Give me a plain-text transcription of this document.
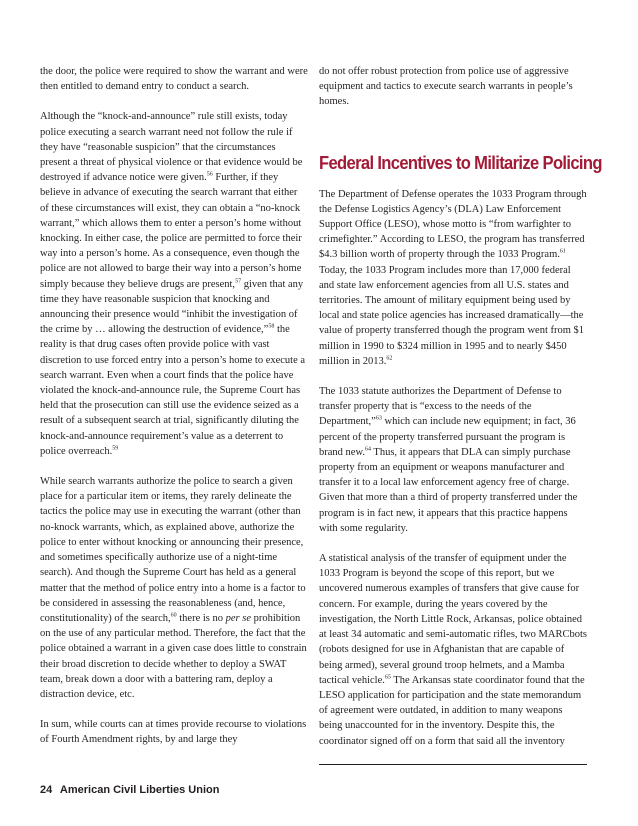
the door, the police were required to show the warrant and were then entitled to demand entry to conduct a search.

Although the “knock-and-announce” rule still exists, today police executing a search warrant need not follow the rule if they have “reasonable suspicion” that the circumstances present a threat of physical violence or that evidence would be destroyed if advance notice were given.$^{56}$ Further, if they believe in advance of executing the search warrant that either of these circumstances will exist, they can obtain a “no-knock warrant,” which allows them to enter a person’s home without knocking. In either case, the police are permitted to force their way into a person’s home. As a consequence, even though the police are not allowed to barge their way into a person’s home simply because they believe drugs are present,$^{57}$ given that any time they have reasonable suspicion that knocking and announcing their presence would “inhibit the investigation of the crime by … allowing the destruction of evidence,”$^{58}$ the reality is that drug cases often provide police with vast discretion to use forced entry into a person’s home to execute a search warrant. Even when a court finds that the police have violated the knock-and-announce rule, the Supreme Court has held that the prosecution can still use the evidence seized as a result of a subsequent search at trial, significantly diluting the knock-and-announce requirement’s value as a deterrent to police overreach.$^{59}$

While search warrants authorize the police to search a given place for a particular item or items, they rarely delineate the tactics the police may use in executing the warrant (other than no-knock warrants, which, as explained above, authorize the police to enter without knocking or announcing their presence, and sometimes specifically authorize use of a night-time search). And though the Supreme Court has held as a general matter that the method of police entry into a home is a factor to be considered in assessing the reasonableness (and, hence, constitutionality) of the search,$^{60}$ there is no per se prohibition on the use of any particular method. Therefore, the fact that the police obtained a warrant in a given case does little to constrain their broad discretion to decide whether to deploy a SWAT team, break down a door with a battering ram, deploy a distraction device, etc.

In sum, while courts can at times provide recourse to violations of Fourth Amendment rights, by and large they

do not offer robust protection from police use of aggressive equipment and tactics to execute search warrants in people’s homes.

Federal Incentives to Militarize Policing

The Department of Defense operates the 1033 Program through the Defense Logistics Agency’s (DLA) Law Enforcement Support Office (LESO), whose motto is “from warfighter to crimefighter.” According to LESO, the program has transferred $4.3 billion worth of property through the 1033 Program.$^{61}$ Today, the 1033 Program includes more than 17,000 federal and state law enforcement agencies from all U.S. states and territories. The amount of military equipment being used by local and state police agencies has increased dramatically—the value of property transferred though the program went from $1 million in 1990 to $324 million in 1995 and to nearly $450 million in 2013.62

The 1033 statute authorizes the Department of Defense to transfer property that is “excess to the needs of the Department,”$^{63}$ which can include new equipment; in fact, 36 percent of the property transferred pursuant the program is brand new.$^{64}$ Thus, it appears that DLA can simply purchase property from an equipment or weapons manufacturer and transfer it to a local law enforcement agency free of charge. Given that more than a third of property transferred under the program is in fact new, it appears that this practice happens with some regularity.

A statistical analysis of the transfer of equipment under the 1033 Program is beyond the scope of this report, but we uncovered numerous examples of transfers that give cause for concern. For example, during the years covered by the investigation, the North Little Rock, Arkansas, police obtained at least 34 automatic and semi-automatic rifles, two MARCbots (robots designed for use in Afghanistan that are capable of being armed), several ground troop helmets, and a Mamba tactical vehicle.$^{65}$ The Arkansas state coordinator found that the LESO application for participation and the state memorandum of agreement were outdated, in addition to many weapons being unaccounted for in the inventory. Despite this, the coordinator signed off on a form that said all the inventory

24 American Civil Liberties Union
